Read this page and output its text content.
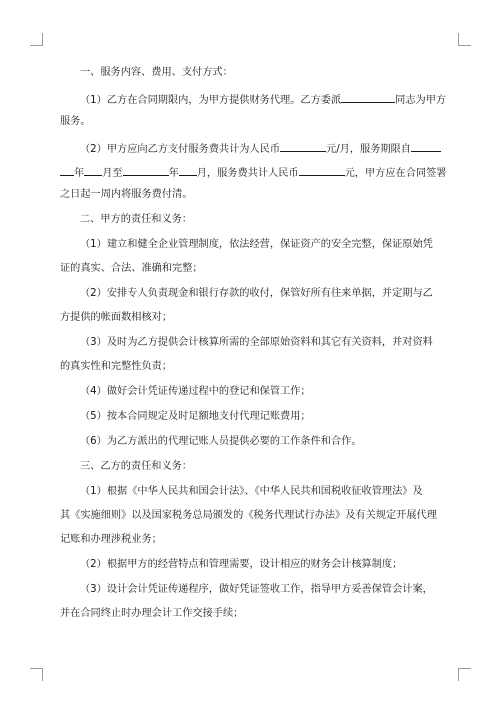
一、服务内容、费用、支付方式：

（1）乙方在合同期限内，为甲方提供财务代理。乙方委派	同志为甲方

服务。

（2）甲方应向乙方支付服务费共计为人民币	元/月，服务期限自

年 月至	年 月，服务费共计人民币	元，甲方应在合同签署

之日起一周内将服务费付清。

二、甲方的责任和义务：

（1）建立和健全企业管理制度，依法经营，保证资产的安全完整，保证原始凭

证的真实、合法、准确和完整；

（2）安排专人负责现金和银行存款的收付，保管好所有往来单据，并定期与乙

方提供的帐面数相核对；

（3）及时为乙方提供会计核算所需的全部原始资料和其它有关资料，并对资料

的真实性和完整性负责；

（4）做好会计凭证传递过程中的登记和保管工作；

（5）按本合同规定及时足额地支付代理记账费用；

（6）为乙方派出的代理记账人员提供必要的工作条件和合作。

三、乙方的责任和义务：

（1）根据《中华人民共和国会计法》、《中华人民共和国税收征收管理法》及

其《实施细则》以及国家税务总局颁发的《税务代理试行办法》及有关规定开展代理

记账和办理涉税业务；

（2）根据甲方的经营特点和管理需要，设计相应的财务会计核算制度；

（3）设计会计凭证传递程序，做好凭证签收工作，指导甲方妥善保管会计案，

并在合同终止时办理会计工作交接手续；
